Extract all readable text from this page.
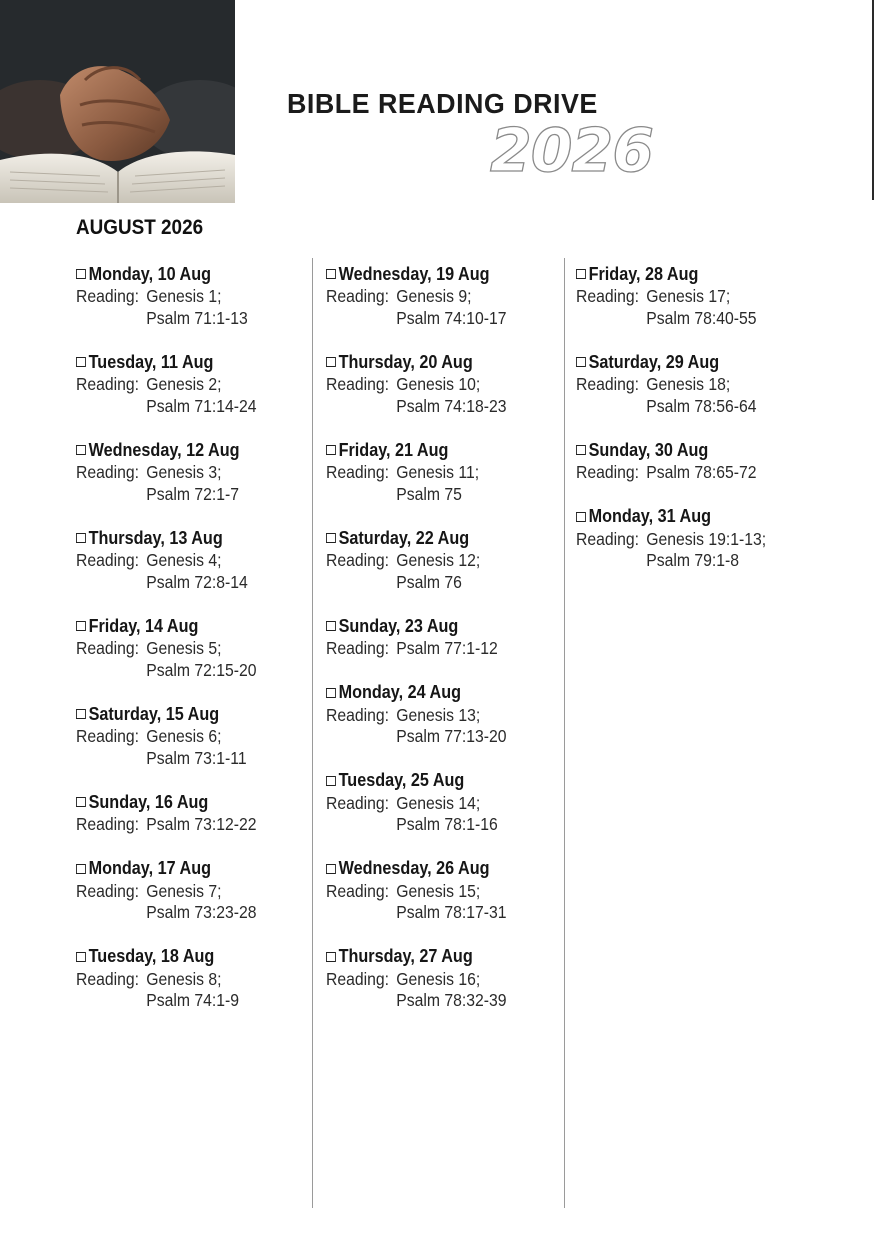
BIBLE READING DRIVE
2026
AUGUST 2026
Monday, 10 Aug
Reading: Genesis 1;
Psalm 71:1-13
Tuesday, 11 Aug
Reading: Genesis 2;
Psalm 71:14-24
Wednesday, 12 Aug
Reading: Genesis 3;
Psalm 72:1-7
Thursday, 13 Aug
Reading: Genesis 4;
Psalm 72:8-14
Friday, 14 Aug
Reading: Genesis 5;
Psalm 72:15-20
Saturday, 15 Aug
Reading: Genesis 6;
Psalm 73:1-11
Sunday, 16 Aug
Reading: Psalm 73:12-22
Monday, 17 Aug
Reading: Genesis 7;
Psalm 73:23-28
Tuesday, 18 Aug
Reading: Genesis 8;
Psalm 74:1-9
Wednesday, 19 Aug
Reading: Genesis 9;
Psalm 74:10-17
Thursday, 20 Aug
Reading: Genesis 10;
Psalm 74:18-23
Friday, 21 Aug
Reading: Genesis 11;
Psalm 75
Saturday, 22 Aug
Reading: Genesis 12;
Psalm 76
Sunday, 23 Aug
Reading: Psalm 77:1-12
Monday, 24 Aug
Reading: Genesis 13;
Psalm 77:13-20
Tuesday, 25 Aug
Reading: Genesis 14;
Psalm 78:1-16
Wednesday, 26 Aug
Reading: Genesis 15;
Psalm 78:17-31
Thursday, 27 Aug
Reading: Genesis 16;
Psalm 78:32-39
Friday, 28 Aug
Reading: Genesis 17;
Psalm 78:40-55
Saturday, 29 Aug
Reading: Genesis 18;
Psalm 78:56-64
Sunday, 30 Aug
Reading: Psalm 78:65-72
Monday, 31 Aug
Reading: Genesis 19:1-13;
Psalm 79:1-8
